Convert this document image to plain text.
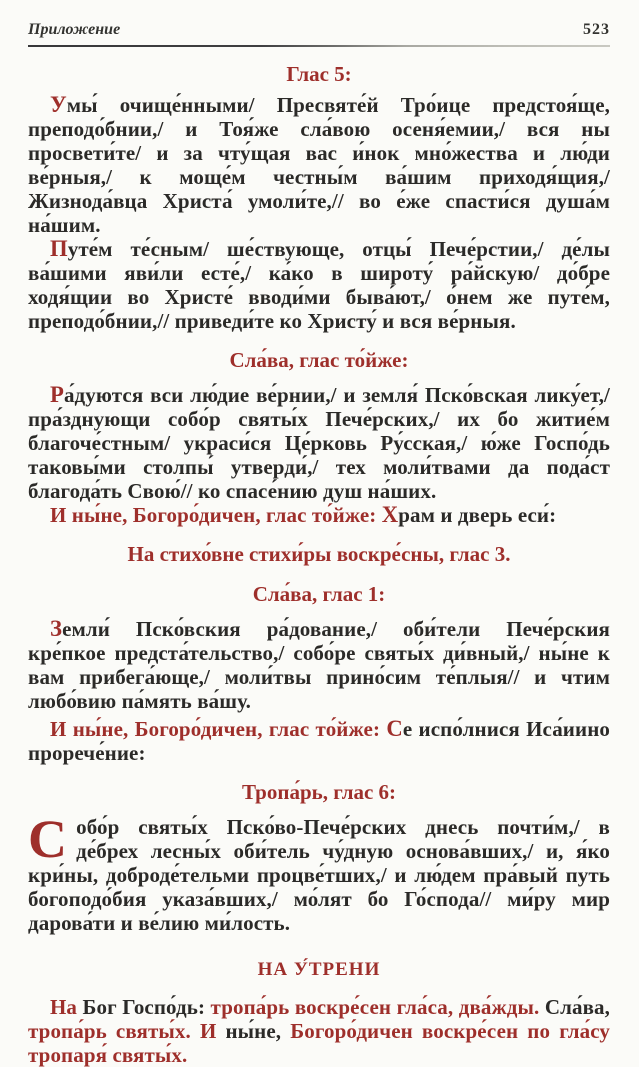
Приложение	523
Глас 5:

Умы́ очище́нными/ Пресвяте́й Тро́ице предстоя́ще, преподо́бнии,/ и Тоя́же сла́вою осеня́емии,/ вся ны просвети́те/ и за чту́щая вас и́нок мно́жества и лю́ди ве́рныя,/ к моще́м честны́м ва́шим приходя́щия,/ Жизнода́вца Христа́ умоли́те,// во е́же спасти́ся душа́м на́шим.

Путе́м те́сным/ ше́ствующе, отцы́ Пече́рстии,/ де́лы ва́шими яви́ли есте́,/ ка́ко в широту́ ра́йскую/ до́бре ходя́щии во Христе́ вводи́ми быва́ют,/ о́нем же путе́м, преподо́бнии,// приведи́те ко Христу́ и вся ве́рныя.

Сла́ва, глас то́йже:

Ра́дуются вси лю́дие ве́рнии,/ и земля́ Пско́вская лику́ет,/ пра́зднующи собо́р святы́х Пече́рских,/ их бо житие́м благоче́стным/ украси́ся Це́рковь Ру́сская,/ ю́же Госпо́дь таковы́ми столпы́ утверди́,/ тех моли́твами да пода́ст благода́ть Свою́// ко спасе́нию душ на́ших.

И ны́не, Богоро́дичен, глас то́йже: Храм и дверь еси́:

На стихо́вне стихи́ры воскре́сны, глас 3.
Сла́ва, глас 1:

Земли́ Пско́вския ра́дование,/ оби́тели Пече́рския кре́пкое предста́тельство,/ собо́ре святы́х ди́вный,/ ны́не к вам прибега́юще,/ моли́твы прино́сим те́плыя// и чтим любо́вию па́мять ва́шу.

И ны́не, Богоро́дичен, глас то́йже: Се испо́лнися Иса́иино прорече́ние:

Тропа́рь, глас 6:

Собо́р святы́х Пско́во-Пече́рских днесь почти́м,/ в де́брех лесны́х оби́тель чу́дную основа́вших,/ и, я́ко кри́ны, доброде́тельми процве́тших,/ и лю́дем пра́вый путь богоподо́бия указа́вших,/ мо́лят бо Го́спода// ми́ру мир дарова́ти и ве́лию ми́лость.

НА У́ТРЕНИ

На Бог Госпо́дь: тропа́рь воскре́сен гла́са, два́жды. Сла́ва, тропа́рь святы́х. И ны́не, Богоро́дичен воскре́сен по гла́су тропаря́ святы́х.
